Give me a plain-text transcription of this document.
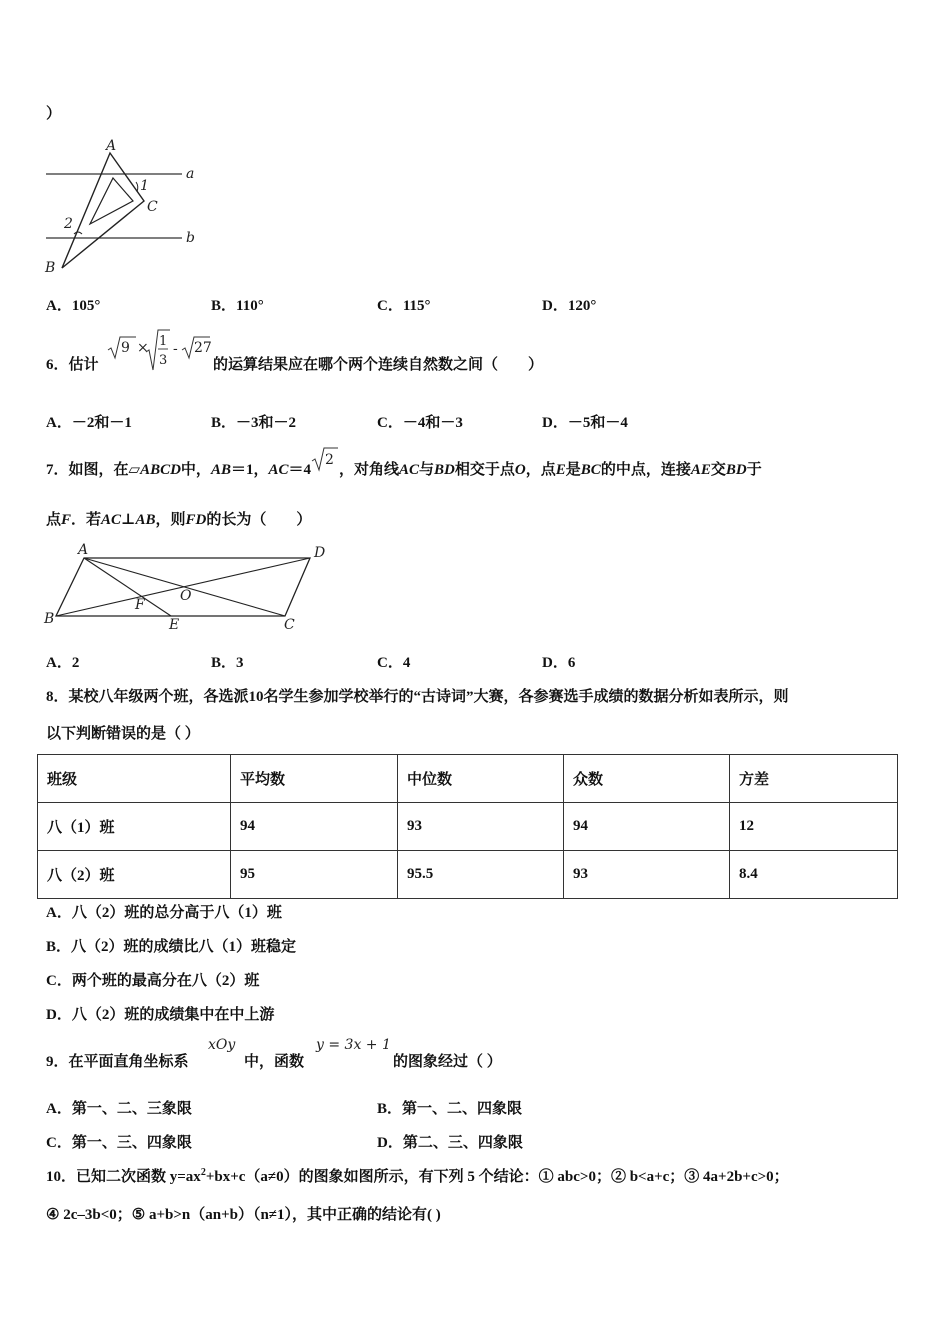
）
A
a
1
C
2
b
B
A．105°	B．110°	C．115°	D．120°
6．估计
9 × 1
3
- 27
的运算结果应在哪个两个连续自然数之间（　　）
A．－2和－1	B．－3和－2	C．－4和－3	D．－5和－4
7．如图，在▱ABCD中，AB＝1，AC＝4
2
，对角线AC与BD相交于点O，点E是BC的中点，连接AE交BD于
点F．若AC⊥AB，则FD的长为（　　）
A	D
O
F
B	E	C
A．2	B．3	C．4	D．6
8．某校八年级两个班，各选派10名学生参加学校举行的“古诗词”大赛，各参赛选手成绩的数据分析如表所示，则
以下判断错误的是（ ）
班级	平均数	中位数	众数	方差
八（1）班	94	93	94	12
八（2）班	95	95.5	93	8.4
A．八（2）班的总分高于八（1）班
B．八（2）班的成绩比八（1）班稳定
C．两个班的最高分在八（2）班
D．八（2）班的成绩集中在中上游
9．在平面直角坐标系
xOy
中，函数
y = 3x + 1
的图象经过（ ）
A．第一、二、三象限	B．第一、二、四象限
C．第一、三、四象限	D．第二、三、四象限
10．已知二次函数 $y=ax^2+bx+c(a\ne 0)$的图象如图所示，有下列 5 个结论：① abc>0；② b<a+c；③ 4a+2b+c>0；
④ 2c–3b<0；⑤ a+b>n（an+b）（n≠1），其中正确的结论有( )
